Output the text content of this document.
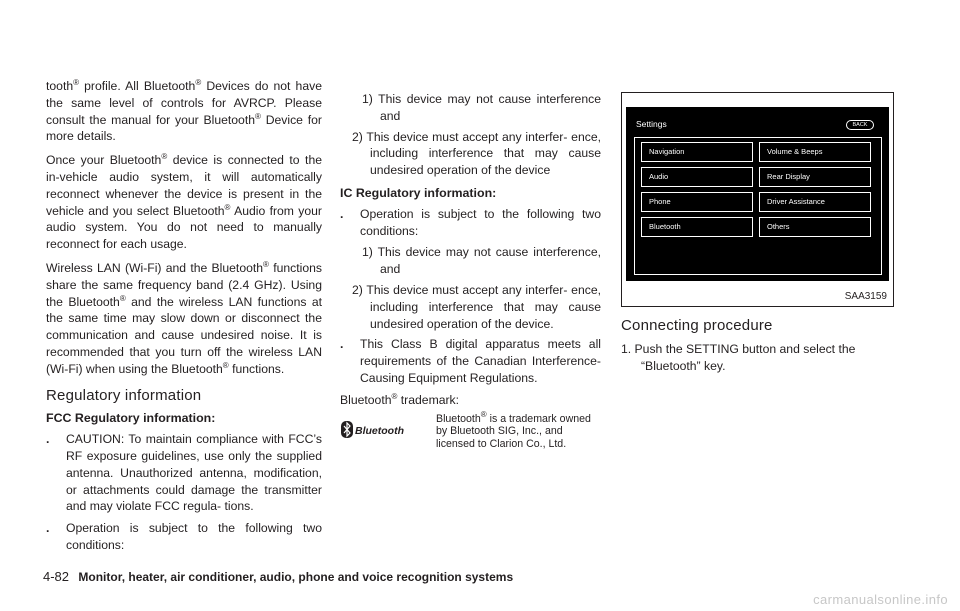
tooth® profile. All Bluetooth® Devices do not have the same level of controls for AVRCP. Please consult the manual for your Bluetooth® Device for more details.

Once your Bluetooth® device is connected to the in-vehicle audio system, it will automatically reconnect whenever the device is present in the vehicle and you select Bluetooth® Audio from your audio system. You do not need to manually reconnect for each usage.

Wireless LAN (Wi-Fi) and the Bluetooth® functions share the same frequency band (2.4 GHz). Using the Bluetooth® and the wireless LAN functions at the same time may slow down or disconnect the communication and cause undesired noise. It is recommended that you turn off the wireless LAN (Wi-Fi) when using the Bluetooth® functions.

Regulatory information
FCC Regulatory information:
. CAUTION: To maintain compliance with FCC’s RF exposure guidelines, use only the supplied antenna. Unauthorized antenna, modification, or attachments could damage the transmitter and may violate FCC regula- tions.
. Operation is subject to the following two conditions:
1) This device may not cause interference and
2) This device must accept any interfer- ence, including interference that may cause undesired operation of the device
IC Regulatory information:
. Operation is subject to the following two conditions:
1) This device may not cause interference, and
2) This device must accept any interfer- ence, including interference that may cause undesired operation of the device.
. This Class B digital apparatus meets all requirements of the Canadian Interference- Causing Equipment Regulations.

Bluetooth® trademark:

Bluetooth
Bluetooth® is a trademark owned by Bluetooth SIG, Inc., and licensed to Clarion Co., Ltd.
Settings	BACK
Navigation	Volume & Beeps
Audio	Rear Display
Phone	Driver Assistance
Bluetooth	Others
SAA3159
Connecting procedure
1. Push the SETTING button and select the “Bluetooth” key.
4-82 Monitor, heater, air conditioner, audio, phone and voice recognition systems
carmanualsonline.info
